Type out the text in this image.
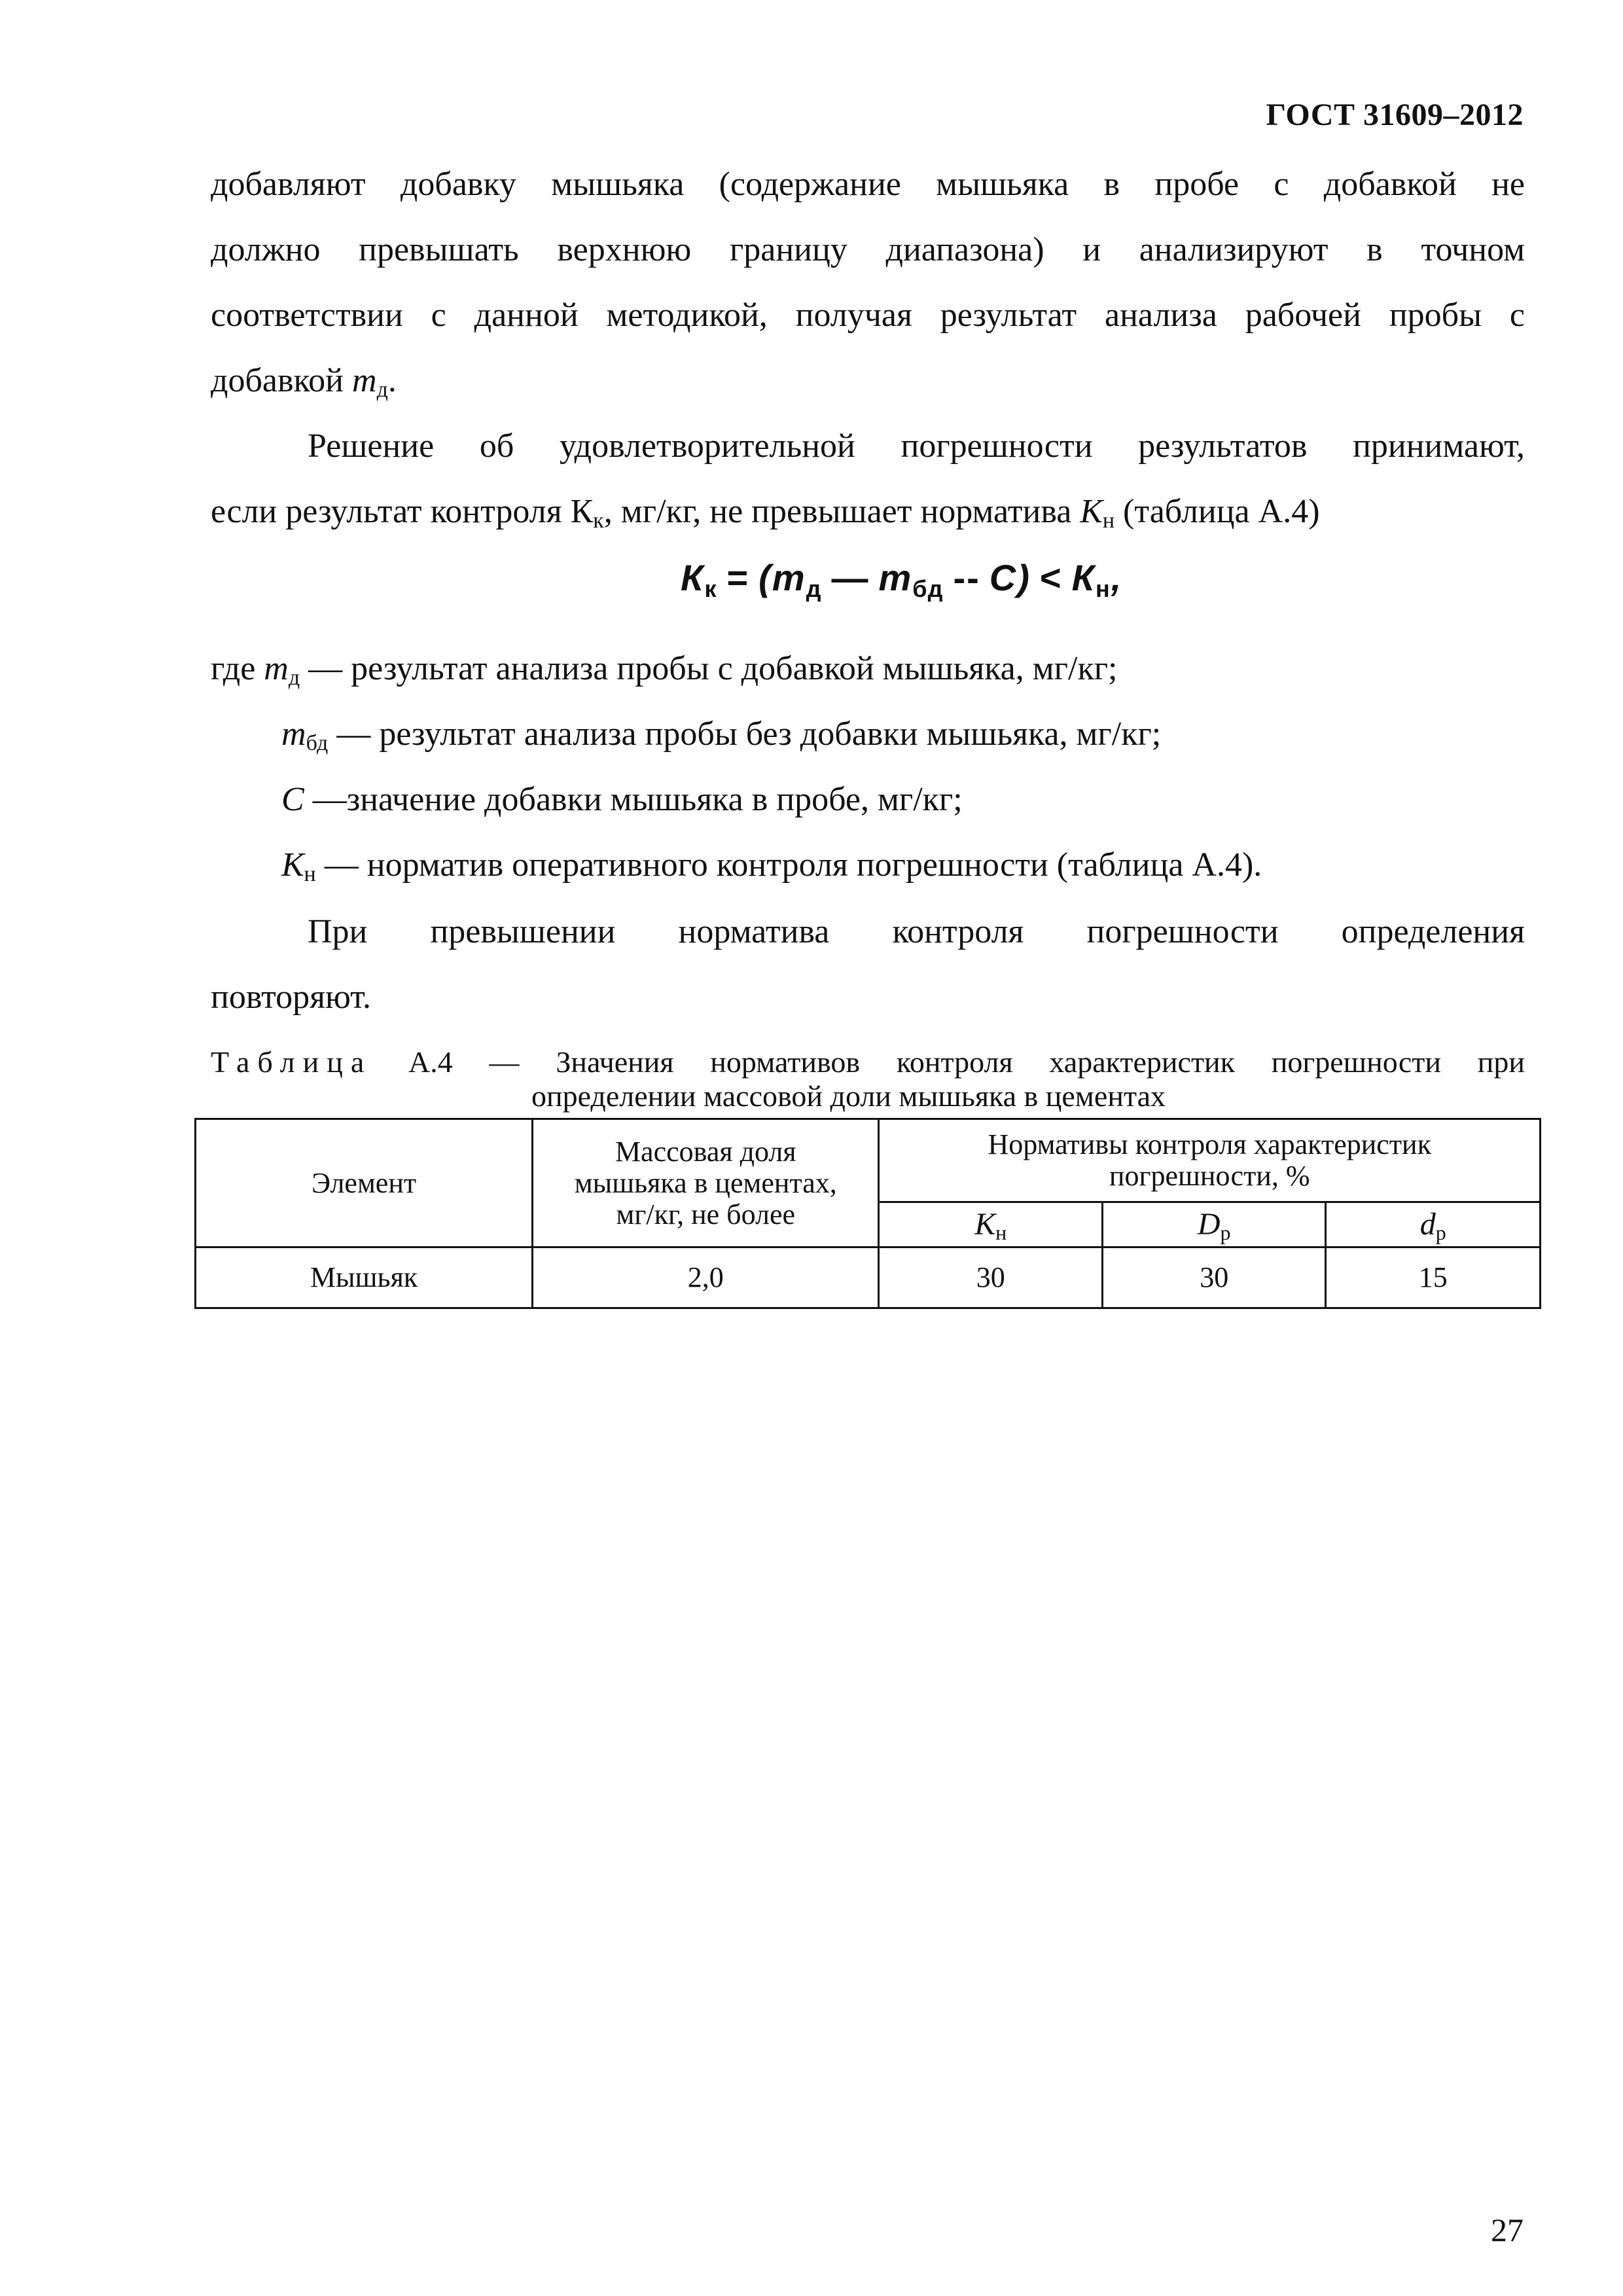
ГОСТ 31609–2012
добавляют добавку мышьяка (содержание мышьяка в пробе с добавкой не
должно превышать верхнюю границу диапазона) и анализируют в точном
соответствии с данной методикой, получая результат анализа рабочей пробы с
добавкой $m_д$.
Решение об удовлетворительной погрешности результатов принимают,
если результат контроля $К_к$, мг/кг, не превышает норматива $К_н$ (таблица А.4)
$К_к = (m_д$ — $m_{бд} -- C) < К_н$,
где $m_д$ — результат анализа пробы с добавкой мышьяка, мг/кг;
$m_{бд}$ — результат анализа пробы без добавки мышьяка, мг/кг;
C —значение добавки мышьяка в пробе, мг/кг;
$К_н$ — норматив оперативного контроля погрешности (таблица А.4).
При превышении норматива контроля погрешности определения
повторяют.
Таблица А.4 — Значения нормативов контроля характеристик погрешности при
определении массовой доли мышьяка в цементах
Элемент	Массовая доля мышьяка в цементах, мг/кг, не более	Нормативы контроля характеристик погрешности, %		
		$К_н$	$D_р$	$d_р$
Мышьяк	2,0	30	30	15
27
